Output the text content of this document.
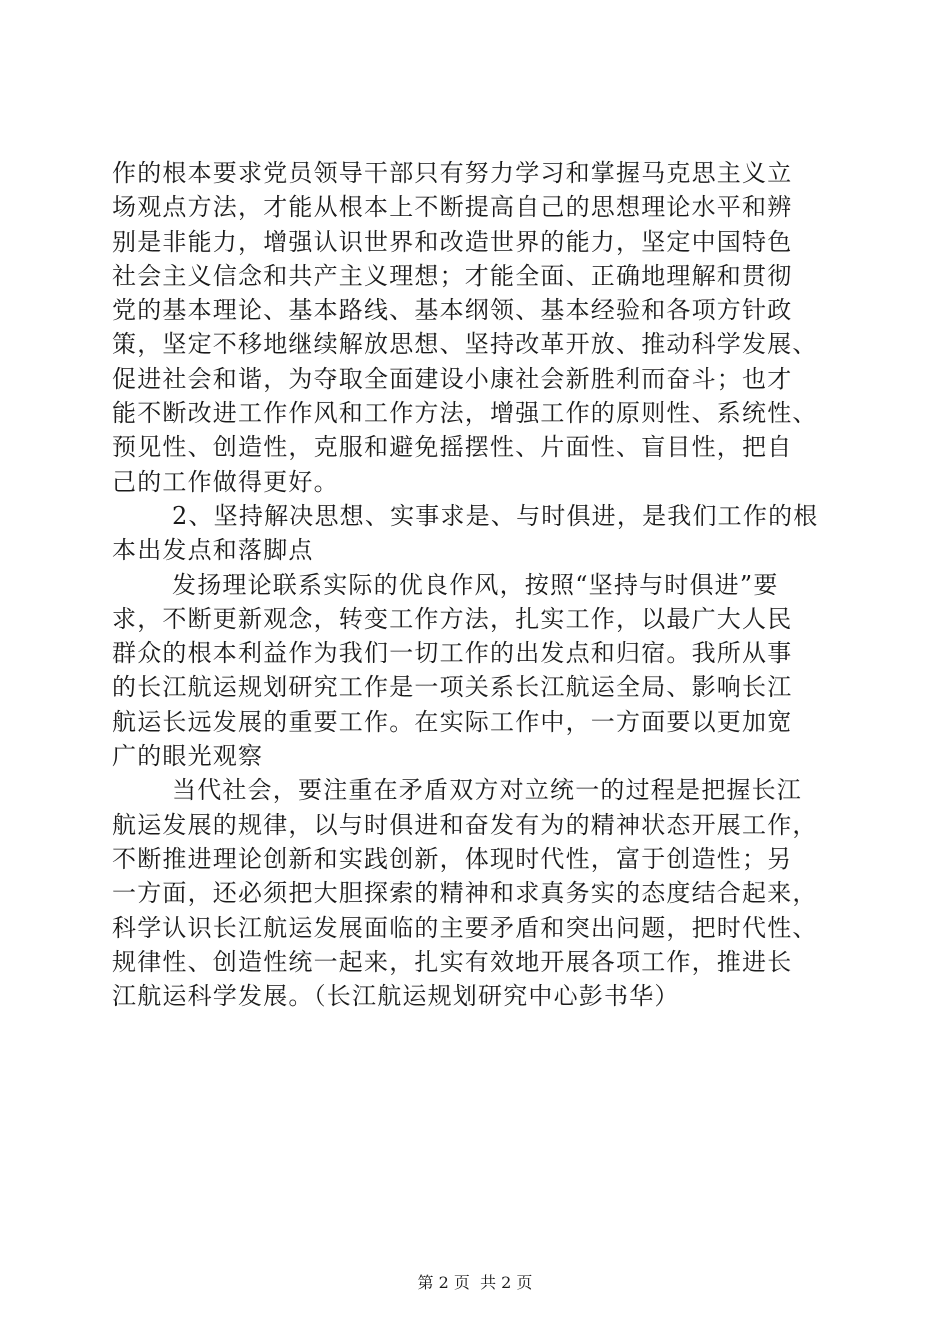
作的根本要求党员领导干部只有努力学习和掌握马克思主义立
场观点方法，才能从根本上不断提高自己的思想理论水平和辨
别是非能力，增强认识世界和改造世界的能力，坚定中国特色
社会主义信念和共产主义理想；才能全面、正确地理解和贯彻
党的基本理论、基本路线、基本纲领、基本经验和各项方针政
策，坚定不移地继续解放思想、坚持改革开放、推动科学发展、
促进社会和谐，为夺取全面建设小康社会新胜利而奋斗；也才
能不断改进工作作风和工作方法，增强工作的原则性、系统性、
预见性、创造性，克服和避免摇摆性、片面性、盲目性，把自
己的工作做得更好。
2、坚持解决思想、实事求是、与时俱进，是我们工作的根
本出发点和落脚点
发扬理论联系实际的优良作风，按照“坚持与时俱进”要
求，不断更新观念，转变工作方法，扎实工作，以最广大人民
群众的根本利益作为我们一切工作的出发点和归宿。我所从事
的长江航运规划研究工作是一项关系长江航运全局、影响长江
航运长远发展的重要工作。在实际工作中，一方面要以更加宽
广的眼光观察
当代社会，要注重在矛盾双方对立统一的过程是把握长江
航运发展的规律，以与时俱进和奋发有为的精神状态开展工作，
不断推进理论创新和实践创新，体现时代性，富于创造性；另
一方面，还必须把大胆探索的精神和求真务实的态度结合起来，
科学认识长江航运发展面临的主要矛盾和突出问题，把时代性、
规律性、创造性统一起来，扎实有效地开展各项工作，推进长
江航运科学发展。（长江航运规划研究中心彭书华）
第 2 页  共 2 页
